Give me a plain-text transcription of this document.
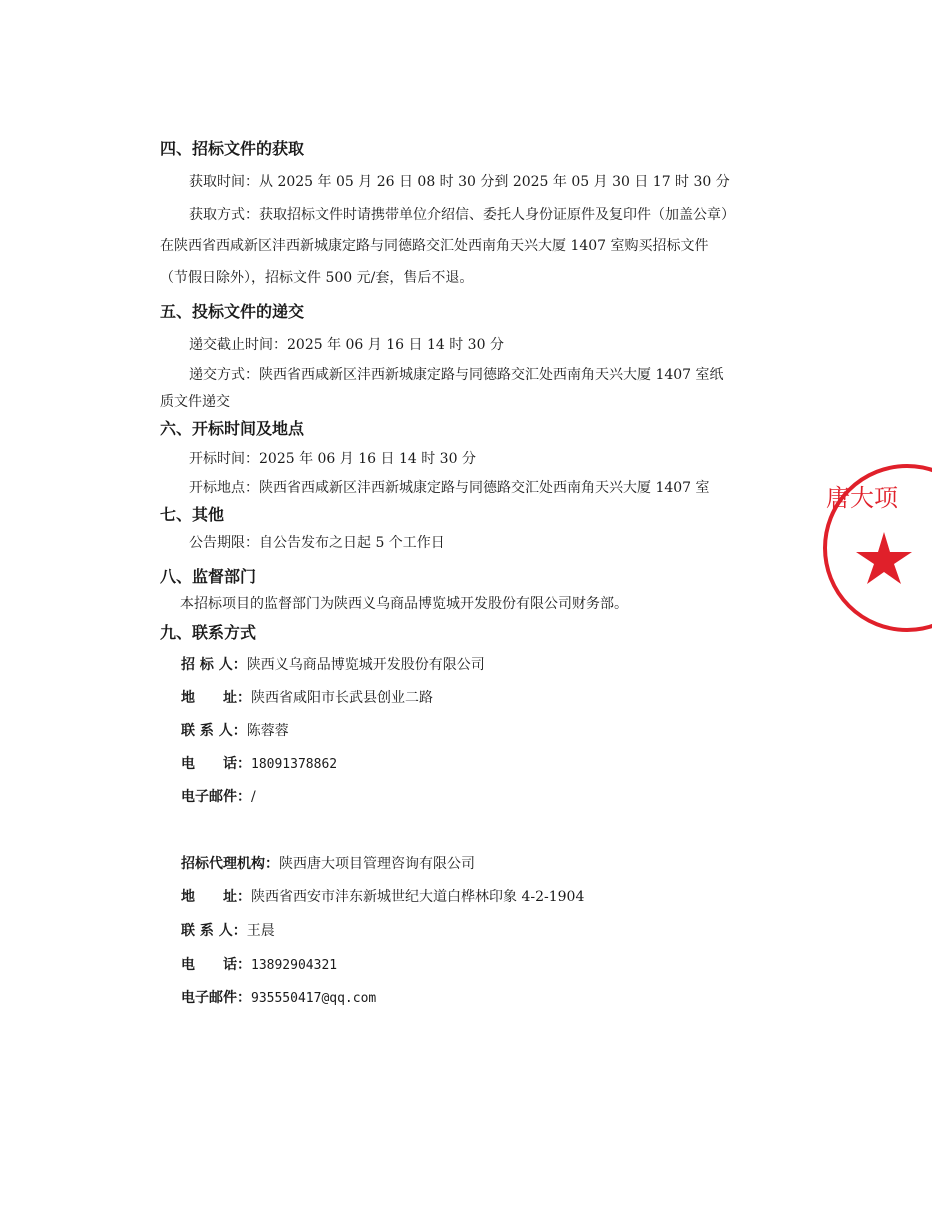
四、招标文件的获取
获取时间：从 2025 年 05 月 26 日 08 时 30 分到 2025 年 05 月 30 日 17 时 30 分
获取方式：获取招标文件时请携带单位介绍信、委托人身份证原件及复印件（加盖公章）
在陕西省西咸新区沣西新城康定路与同德路交汇处西南角天兴大厦 1407 室购买招标文件
（节假日除外），招标文件 500 元/套，售后不退。
五、投标文件的递交
递交截止时间：2025 年 06 月 16 日 14 时 30 分
递交方式：陕西省西咸新区沣西新城康定路与同德路交汇处西南角天兴大厦 1407 室纸
质文件递交
六、开标时间及地点
开标时间：2025 年 06 月 16 日 14 时 30 分
开标地点：陕西省西咸新区沣西新城康定路与同德路交汇处西南角天兴大厦 1407 室
七、其他
公告期限：自公告发布之日起 5 个工作日
八、监督部门
本招标项目的监督部门为陕西义乌商品博览城开发股份有限公司财务部。
九、联系方式
招 标 人：陕西义乌商品博览城开发股份有限公司
地　　址：陕西省咸阳市长武县创业二路
联 系 人：陈蓉蓉
电　　话：18091378862
电子邮件：/
招标代理机构：陕西唐大项目管理咨询有限公司
地　　址：陕西省西安市沣东新城世纪大道白桦林印象 4-2-1904
联 系 人：王晨
电　　话：13892904321
电子邮件：935550417@qq.com
唐大项
